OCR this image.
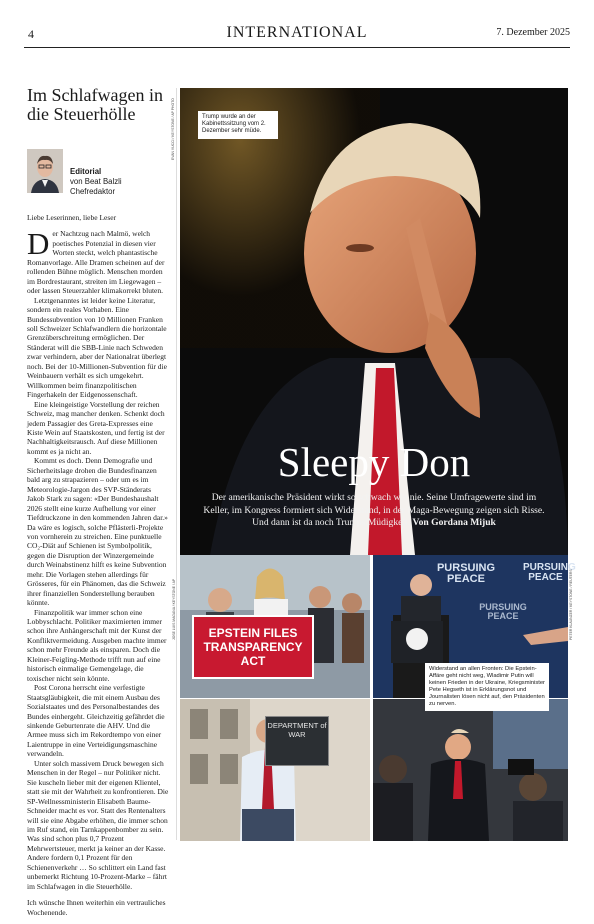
4	INTERNATIONAL	7. Dezember 2025
Im Schlafwagen in die Steuerhölle
Editorial
von Beat Balzli
Chefredaktor

Liebe Leserinnen, liebe Leser

D er Nachtzug nach Malmö, welch poetisches Potenzial in diesen vier Worten steckt, welch phantastische Romanvorlage. Alle Dramen scheinen auf der rollenden Bühne möglich. Menschen morden im Bordrestaurant, streiten im Liegewagen – oder lassen Steuerzahler klimakorrekt bluten.

Letztgenanntes ist leider keine Literatur, sondern ein reales Vorhaben. Eine Bundessubvention von 10 Millionen Franken soll Schweizer Schlafwandlern die horizontale Grenzüberschreitung ermöglichen. Der Ständerat will die SBB-Linie nach Schweden zwar verhindern, aber der Nationalrat überlegt noch. Bei der 10-Millionen-Subvention für die Weinbauern verhält es sich umgekehrt. Willkommen beim finanzpolitischen Fingerhakeln der Eidgenossenschaft.

Eine kleingeistige Vorstellung der reichen Schweiz, mag mancher denken. Schenkt doch jedem Passagier des Greta-Expresses eine Kiste Wein auf Staatskosten, und fertig ist der Nachhaltigkeitsrausch. Auf diese Millionen kommt es ja nicht an.

Kommt es doch. Denn Demografie und Sicherheitslage drohen die Bundesfinanzen bald arg zu strapazieren – oder um es im Meteorologie-Jargon des SVP-Ständerats Jakob Stark zu sagen: «Der Bundeshaushalt 2026 stellt eine kurze Aufhellung vor einer Tiefdruckzone in den kommenden Jahren dar.» Da wäre es logisch, solche Pflästerli-Projekte von vornherein zu streichen. Eine punktuelle CO₂-Diät auf Schienen ist Symbolpolitik, gegen die Disruption der Winzergemeinde durch Weinabstinenz hilft es keine Subvention mehr. Die Vorlagen stehen allerdings für Grösseres, für ein Phänomen, das die Schweiz ihrer finanziellen Sonderstellung berauben könnte.

Finanzpolitik war immer schon eine Lobbyschlacht. Politiker maximierten immer schon ihre Anhängerschaft mit der Kunst der Konfliktvermeidung. Ausgeben machte immer schon mehr Freunde als einsparen. Doch die Kleiner-Feigling-Methode trifft nun auf eine historisch einmalige Gemengelage, die toxischer nicht sein könnte.

Post Corona herrscht eine verfestigte Staatsgläubigkeit, die mit einem Ausbau des Sozialstaates und des Personalbestandes des Bundes einhergeht. Gleichzeitig gefährdet die sinkende Geburtenrate die AHV. Und die Armee muss sich im Rekordtempo von einer Laientruppe in eine Verteidigungsmaschine verwandeln.

Unter solch massivem Druck bewegen sich Menschen in der Regel – nur Politiker nicht. Sie kuscheln lieber mit der eigenen Klientel, statt sie mit der Wahrheit zu konfrontieren. Die SP-Wellnessministerin Elisabeth Baume-Schneider macht es vor. Statt des Rentenalters will sie eine Abgabe erhöhen, die immer schon im Ruf stand, ein Tarnkappenbomber zu sein. Was sind schon plus 0,7 Prozent Mehrwertsteuer, merkt ja keiner an der Kasse. Andere fordern 0,1 Prozent für den Schienenverkehr … So schlittert ein Land fast unbemerkt Richtung 10-Prozent-Marke – fährt im Schlafwagen in die Steuerhölle.

Ich wünsche Ihnen weiterhin ein vertrauliches Wochenende.

Trump wurde an der Kabinettssitzung vom 2. Dezember sehr müde.
Sleepy Don
Der amerikanische Präsident wirkt so schwach wie nie. Seine Umfragewerte sind im Keller, im Kongress formiert sich Widerstand, in der Maga-Bewegung zeigen sich Risse. Und dann ist da noch Trumps Müdigkeit. Von Gordana Mijuk
EVAN VUCCI / KEYSTONE / AP PHOTO
EPSTEIN FILES TRANSPARENCY ACT
PURSUING PEACE
PURSUING PEACE
PURSUING PEACE
DEPARTMENT of WAR
Widerstand an allen Fronten: Die Epstein-Affäre geht nicht weg, Wladimir Putin will keinen Frieden in der Ukraine, Kriegsminister Pete Hegseth ist in Erklärungsnot und Journalisten lösen nicht auf, den Präsidenten zu nerven.
JOSE LUIS MAGANA / KEYSTONE / AP	PETER KLAUNZER / KEYSTONE / REUTERS
